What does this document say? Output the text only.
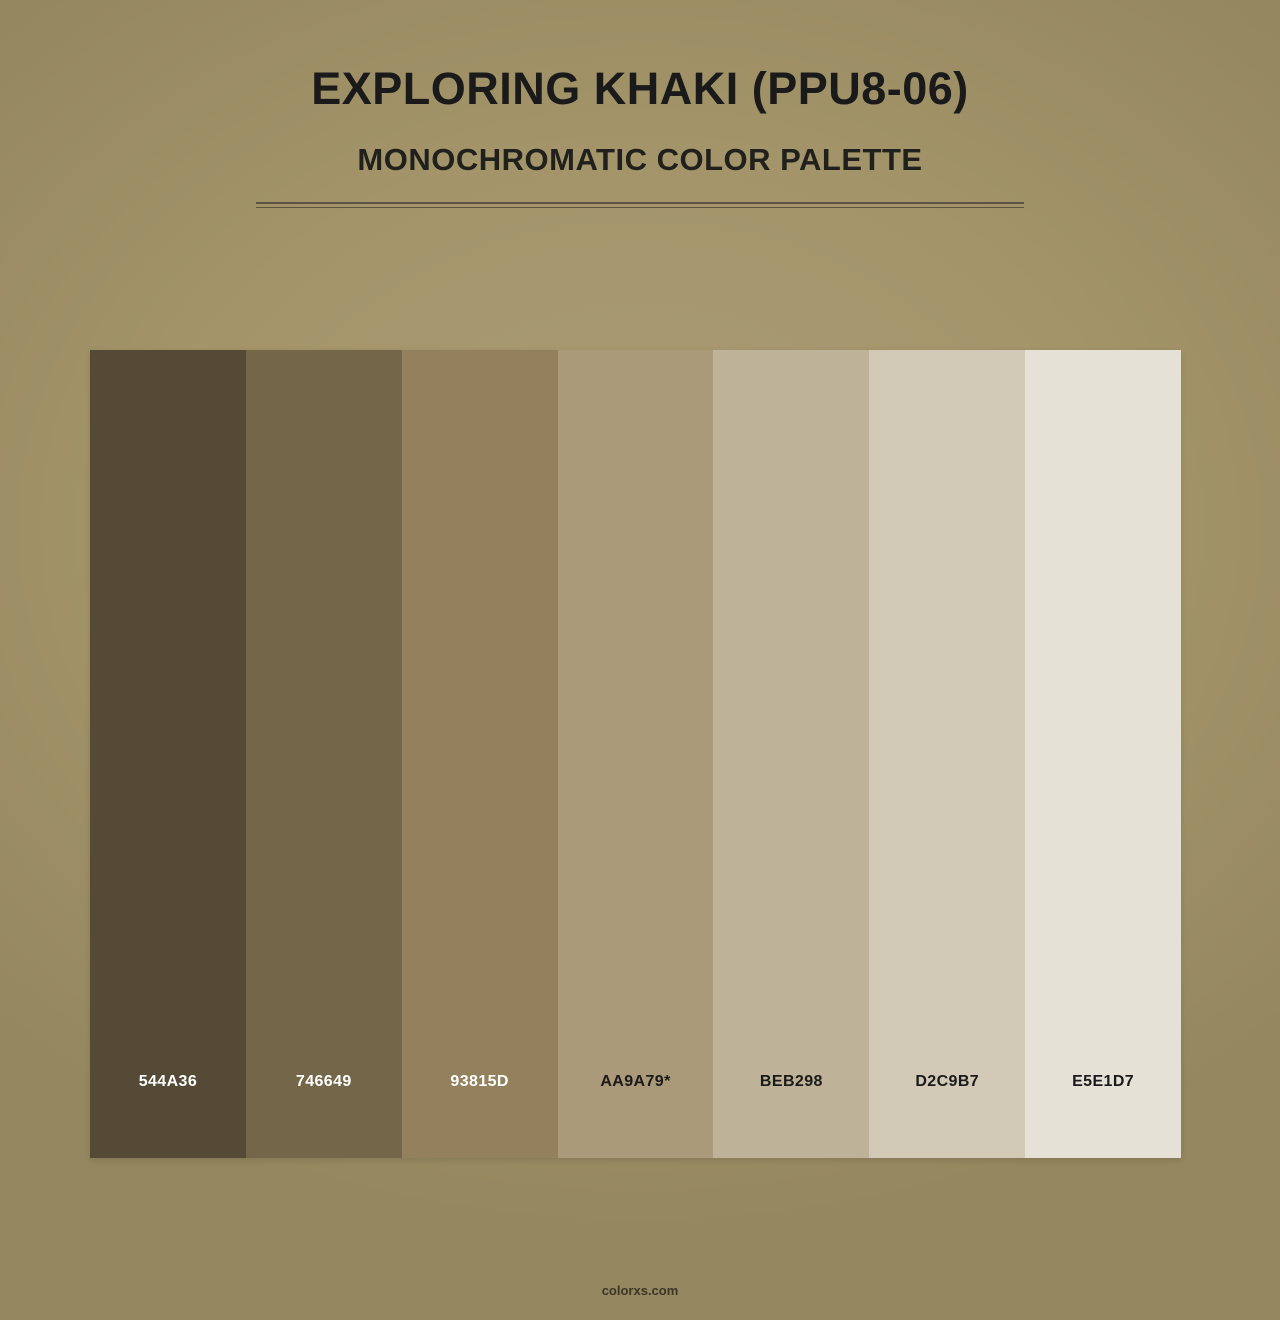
EXPLORING KHAKI (PPU8-06)
MONOCHROMATIC COLOR PALETTE
544A36	746649	93815D	AA9A79*	BEB298	D2C9B7	E5E1D7
colorxs.com
